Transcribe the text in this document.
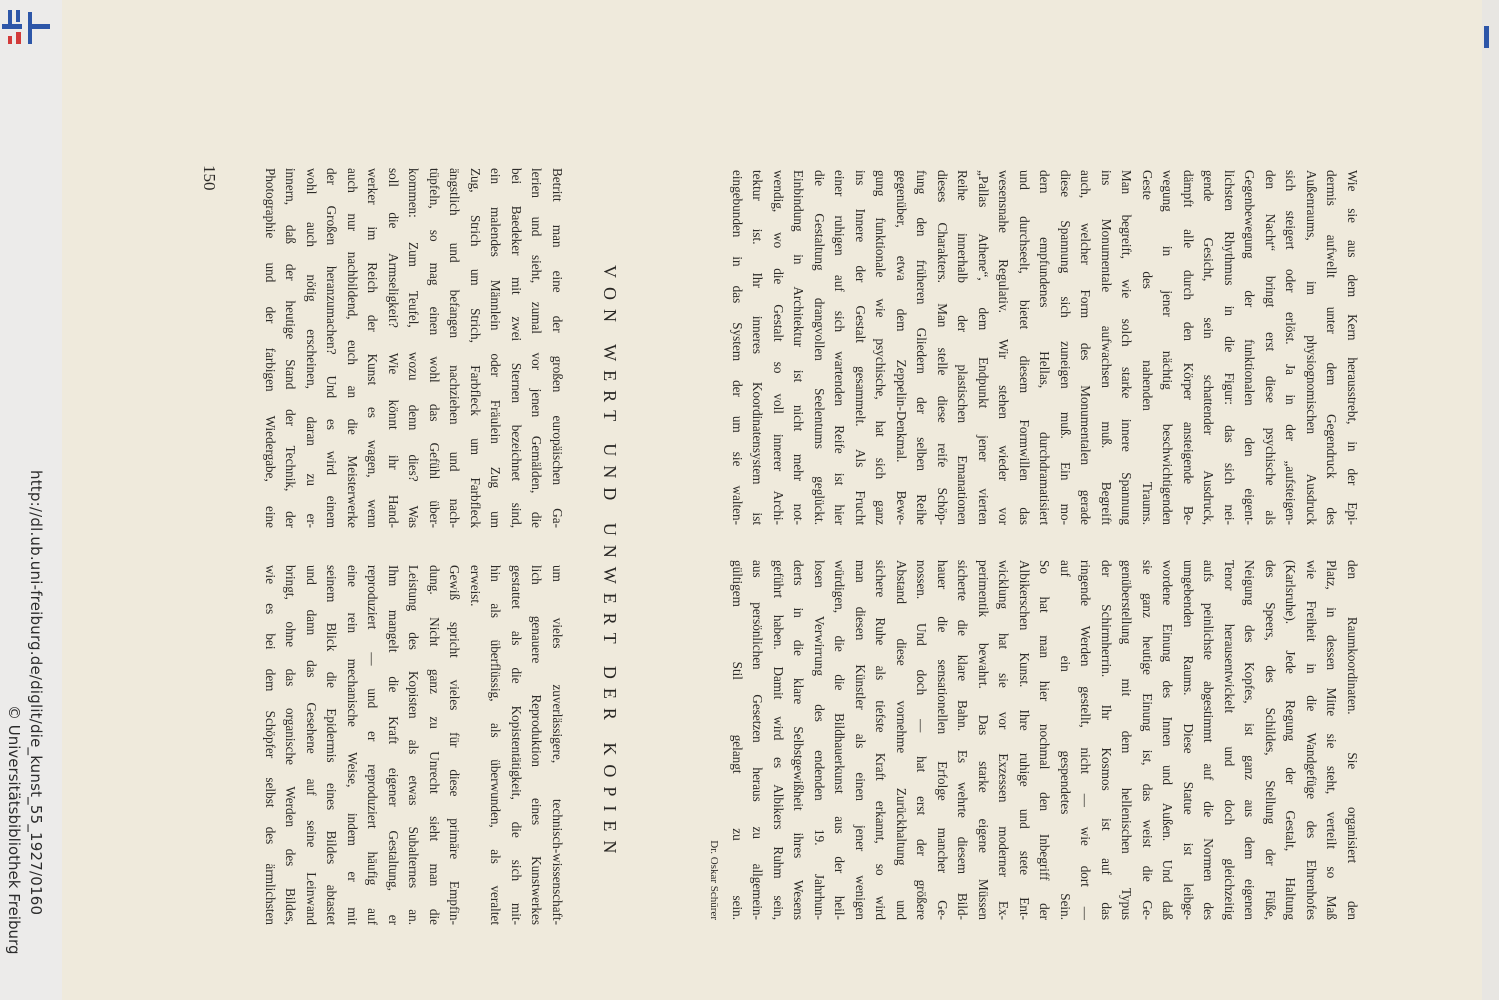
http://dl.ub.uni-freiburg.de/diglit/die_kunst_55_1927/0160
© Universitätsbibliothek Freiburg
Wie sie aus dem Kern herausstrebt, in der Epi-
dermis aufwellt unter dem Gegendruck des
Außenraums, im physiognomischen Ausdruck
sich steigert oder erlöst. Ja in der „aufsteigen-
den Nacht“ bringt erst diese psychische als
Gegenbewegung der funktionalen den eigent-
lichsten Rhythmus in die Figur: das sich nei-
gende Gesicht, sein schattender Ausdruck,
dämpft alle durch den Körper ansteigende Be-
wegung in jener nächtig beschwichtigenden
Geste des nahenden Traums.
Man begreift, wie solch starke innere Spannung
ins Monumentale aufwachsen muß. Begreift
auch, welcher Form des Monumentalen gerade
diese Spannung sich zuneigen muß. Ein mo-
dern empfundenes Hellas, durchdramatisiert
und durchseelt, bietet diesem Formwillen das
wesensnahe Regulativ. Wir stehen wieder vor
„Pallas Athene“, dem Endpunkt jener vierten
Reihe innerhalb der plastischen Emanationen
dieses Charakters. Man stelle diese reife Schöp-
fung den früheren Gliedern der selben Reihe
gegenüber, etwa dem Zeppelin-Denkmal. Bewe-
gung funktionale wie psychische, hat sich ganz
ins Innere der Gestalt gesammelt. Als Frucht
einer ruhigen auf sich wartenden Reife ist hier
die Gestaltung drangvollen Seelentums geglückt.
Einbindung in Architektur ist nicht mehr not-
wendig, wo die Gestalt so voll innerer Archi-
tektur ist. Ihr inneres Koordinatensystem ist
eingebunden in das System der um sie walten-
den Raumkoordinaten. Sie organisiert den
Platz, in dessen Mitte sie steht, verteilt so Maß
wie Freiheit in die Wandgefüge des Ehrenhofes
(Karlsruhe). Jede Regung der Gestalt, Haltung
des Speers, des Schildes, Stellung der Füße,
Neigung des Kopfes, ist ganz aus dem eigenen
Tenor herausentwickelt und doch gleichzeitig
aufs peinlichste abgestimmt auf die Normen des
umgebenden Raums. Diese Statue ist leibge-
wordene Einung des Innen und Außen. Und daß
sie ganz heutige Einung ist, das weist die Ge-
genüberstellung mit dem hellenischen Typus
der Schirmherrin. Ihr Kosmos ist auf das
ringende Werden gestellt, nicht — wie dort —
auf ein gespendetes Sein.
So hat man hier nochmal den Inbegriff der
Albikerschen Kunst. Ihre ruhige und stete Ent-
wicklung hat sie vor Exzessen moderner Ex-
perimentik bewahrt. Das starke eigene Müssen
sicherte die klare Bahn. Es wehrte diesem Bild-
hauer die sensationellen Erfolge mancher Ge-
nossen. Und doch — hat erst der größere
Abstand diese vornehme Zurückhaltung und
sichere Ruhe als tiefste Kraft erkannt, so wird
man diesen Künstler als einen jener wenigen
würdigen, die die Bildhauerkunst aus der heil-
losen Verwirrung des endenden 19. Jahrhun-
derts in die klare Selbstgewißheit ihres Wesens
geführt haben. Damit wird es Albikers Ruhm sein,
aus persönlichen Gesetzen heraus zu allgemein-
gültigem Stil gelangt zu sein.
Dr. Oskar Schürer
VON WERT UND UNWERT DER KOPIEN
Betritt man eine der großen europäischen Ga-
lerien und sieht, zumal vor jenen Gemälden, die
bei Baedeker mit zwei Sternen bezeichnet sind,
ein malendes Männlein oder Fräulein Zug um
Zug, Strich um Strich, Farbfleck um Farbfleck
ängstlich und befangen nachziehen und nach-
tüpfeln, so mag einen wohl das Gefühl über-
kommen: Zum Teufel, wozu denn dies? Was
soll die Armseligkeit? Wie könnt ihr Hand-
werker im Reich der Kunst es wagen, wenn
auch nur nachbildend, euch an die Meisterwerke
der Großen heranzumachen? Und es wird einem
wohl auch nötig erscheinen, daran zu er-
innern, daß der heutige Stand der Technik, der
Photographie und der farbigen Wiedergabe, eine
um vieles zuverlässigere, technisch-wissenschaft-
lich genauere Reproduktion eines Kunstwerkes
gestattet als die Kopistentätigkeit, die sich mit-
hin als überflüssig, als überwunden, als veraltet
erweist.
Gewiß spricht vieles für diese primäre Empfin-
dung. Nicht ganz zu Unrecht sieht man die
Leistung des Kopisten als etwas Subalternes an.
Ihm mangelt die Kraft eigener Gestaltung, er
reproduziert — und er reproduziert häufig auf
eine rein mechanische Weise, indem er mit
seinem Blick die Epidermis eines Bildes abtastet
und dann das Gesehene auf seine Leinwand
bringt, ohne das organische Werden des Bildes,
wie es bei dem Schöpfer selbst des ärmlichsten
150
